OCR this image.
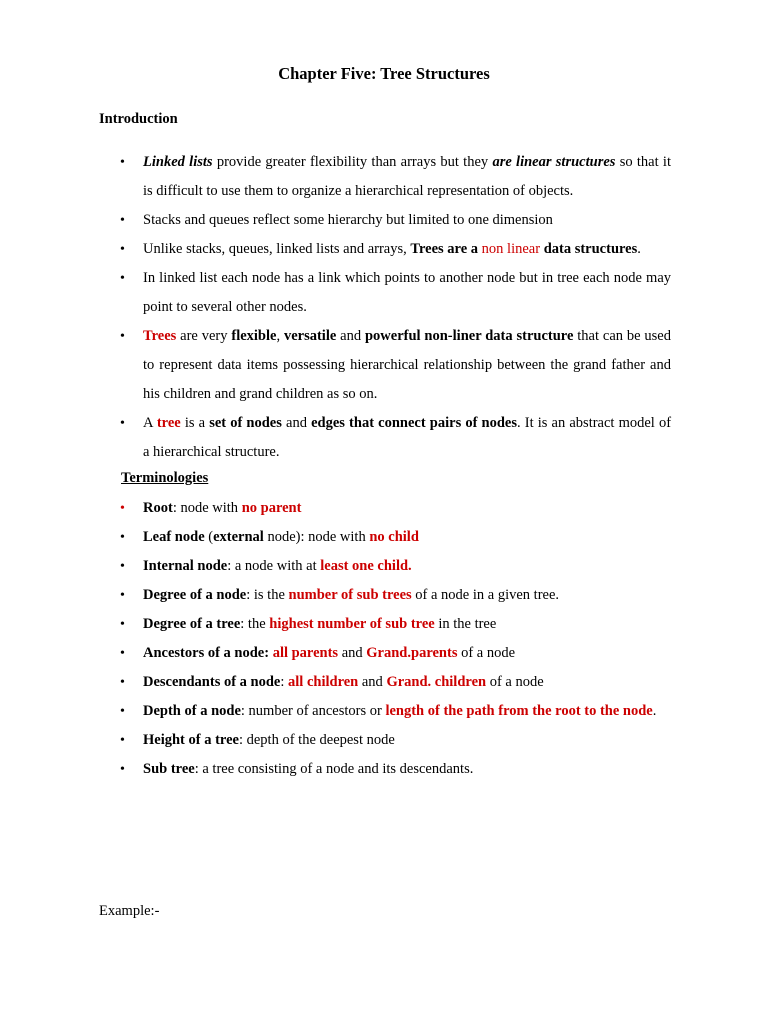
Chapter Five: Tree Structures
Introduction
• Linked lists provide greater flexibility than arrays but they are linear structures so that it is difficult to use them to organize a hierarchical representation of objects.
• Stacks and queues reflect some hierarchy but limited to one dimension
• Unlike stacks, queues, linked lists and arrays, Trees are a non linear data structures.
• In linked list each node has a link which points to another node but in tree each node may point to several other nodes.
• Trees are very flexible, versatile and powerful non-liner data structure that can be used to represent data items possessing hierarchical relationship between the grand father and his children and grand children as so on.
• A tree is a set of nodes and edges that connect pairs of nodes. It is an abstract model of a hierarchical structure.
Terminologies
• Root: node with no parent
• Leaf node (external node): node with no child
• Internal node: a node with at least one child.
• Degree of a node: is the number of sub trees of a node in a given tree.
• Degree of a tree: the highest number of sub tree in the tree
• Ancestors of a node: all parents and Grand.parents of a node
• Descendants of a node: all children and Grand. children of a node
• Depth of a node: number of ancestors or length of the path from the root to the node.
• Height of a tree: depth of the deepest node
• Sub tree: a tree consisting of a node and its descendants.
Example:-
